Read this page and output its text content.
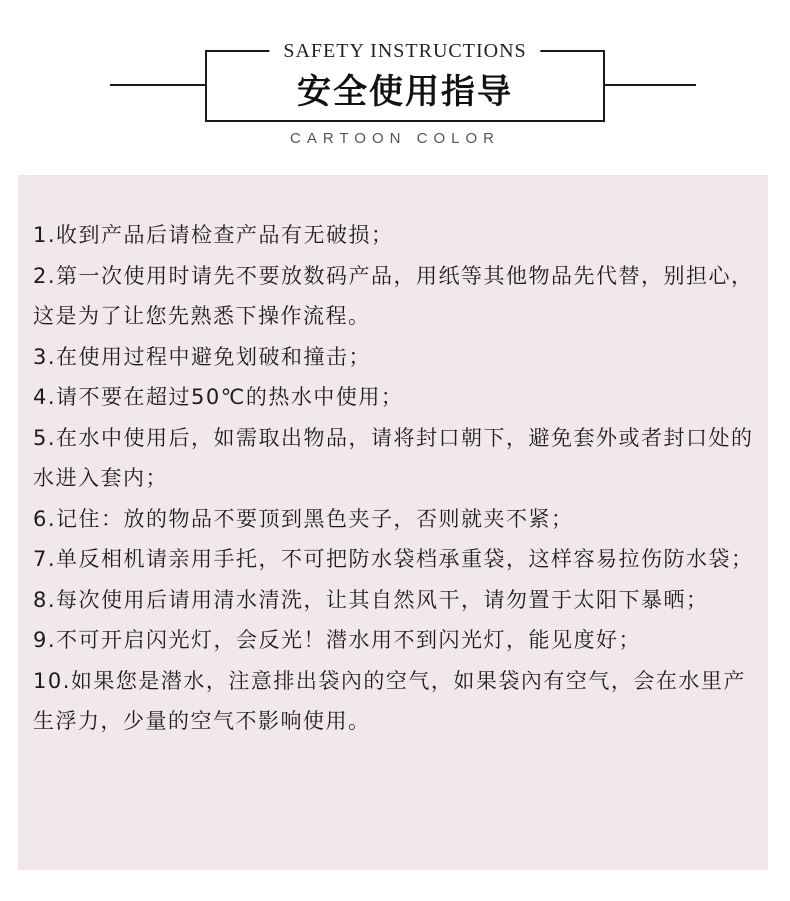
SAFETY INSTRUCTIONS
安全使用指导
CARTOON COLOR
1.收到产品后请检查产品有无破损；
2.第一次使用时请先不要放数码产品，用纸等其他物品先代替，别担心，这是为了让您先熟悉下操作流程。
3.在使用过程中避免划破和撞击；
4.请不要在超过50℃的热水中使用；
5.在水中使用后，如需取出物品，请将封口朝下，避免套外或者封口处的水进入套内；
6.记住：放的物品不要顶到黑色夹子，否则就夹不紧；
7.单反相机请亲用手托，不可把防水袋档承重袋，这样容易拉伤防水袋；
8.每次使用后请用清水清洗，让其自然风干，请勿置于太阳下暴晒；
9.不可开启闪光灯，会反光！潜水用不到闪光灯，能见度好；
10.如果您是潜水，注意排出袋內的空气，如果袋內有空气，会在水里产生浮力，少量的空气不影响使用。
